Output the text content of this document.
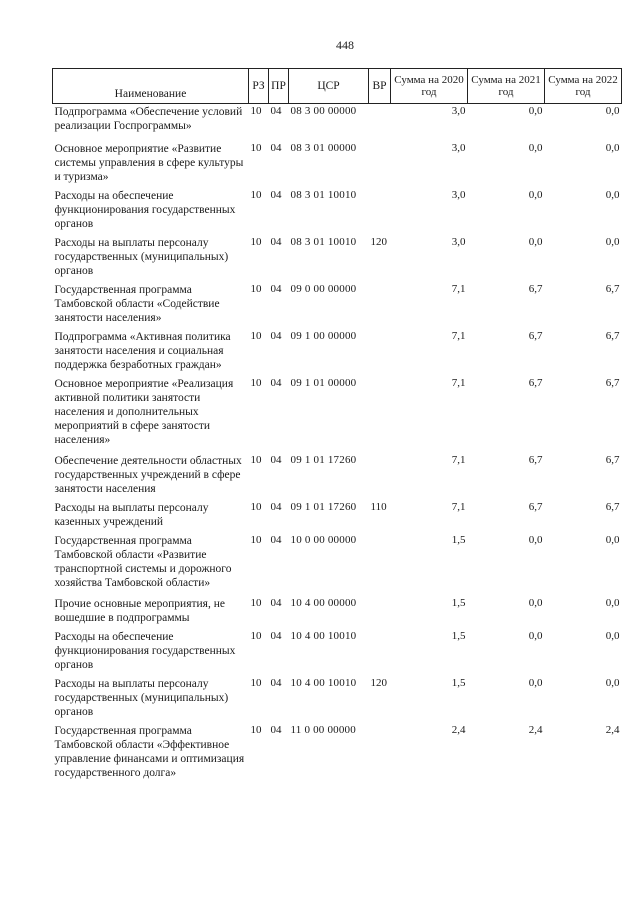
448
Наименование	РЗ	ПР	ЦСР	ВР	Сумма на 2020 год	Сумма на 2021 год	Сумма на 2022 год
Подпрограмма «Обеспечение условий реализации Госпрограммы»	10	04	08 3 00 00000		3,0	0,0	0,0
Основное мероприятие «Развитие системы управления в сфере культуры и туризма»	10	04	08 3 01 00000		3,0	0,0	0,0
Расходы на обеспечение функционирования государственных органов	10	04	08 3 01 10010		3,0	0,0	0,0
Расходы на выплаты персоналу государственных (муниципальных) органов	10	04	08 3 01 10010	120	3,0	0,0	0,0
Государственная программа Тамбовской области «Содействие занятости населения»	10	04	09 0 00 00000		7,1	6,7	6,7
Подпрограмма «Активная политика занятости населения и социальная поддержка безработных граждан»	10	04	09 1 00 00000		7,1	6,7	6,7
Основное мероприятие «Реализация активной политики занятости населения и дополнительных мероприятий в сфере занятости населения»	10	04	09 1 01 00000		7,1	6,7	6,7
Обеспечение деятельности областных государственных учреждений в сфере занятости населения	10	04	09 1 01 17260		7,1	6,7	6,7
Расходы на выплаты персоналу казенных учреждений	10	04	09 1 01 17260	110	7,1	6,7	6,7
Государственная программа Тамбовской области «Развитие транспортной системы и дорожного хозяйства Тамбовской области»	10	04	10 0 00 00000		1,5	0,0	0,0
Прочие основные мероприятия, не вошедшие в подпрограммы	10	04	10 4 00 00000		1,5	0,0	0,0
Расходы на обеспечение функционирования государственных органов	10	04	10 4 00 10010		1,5	0,0	0,0
Расходы на выплаты персоналу государственных (муниципальных) органов	10	04	10 4 00 10010	120	1,5	0,0	0,0
Государственная программа Тамбовской области «Эффективное управление финансами и оптимизация государственного долга»	10	04	11 0 00 00000		2,4	2,4	2,4
